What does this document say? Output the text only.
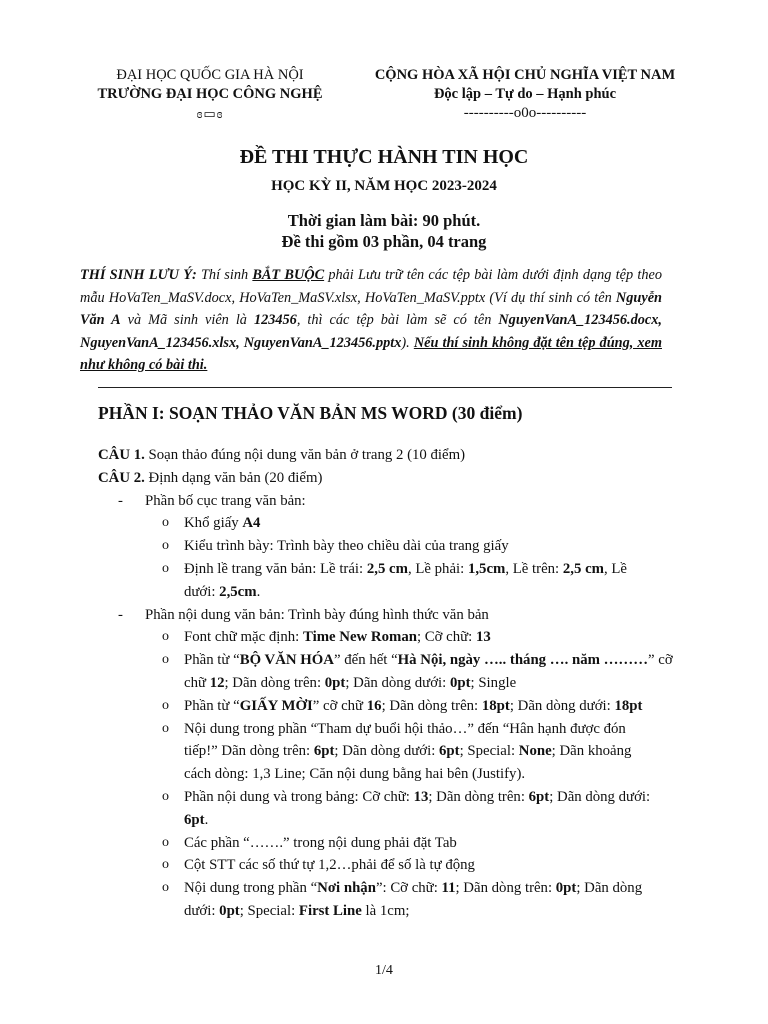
ĐẠI HỌC QUỐC GIA HÀ NỘI
TRƯỜNG ĐẠI HỌC CÔNG NGHỆ
ɞ▭ɞ
CỘNG HÒA XÃ HỘI CHỦ NGHĨA VIỆT NAM
Độc lập – Tự do – Hạnh phúc
----------o0o----------
ĐỀ THI THỰC HÀNH TIN HỌC
HỌC KỲ II, NĂM HỌC 2023-2024
Thời gian làm bài: 90 phút.
Đề thi gồm 03 phần, 04 trang
THÍ SINH LƯU Ý: Thí sinh BẮT BUỘC phải Lưu trữ tên các tệp bài làm dưới định dạng tệp theo mẫu HoVaTen_MaSV.docx, HoVaTen_MaSV.xlsx, HoVaTen_MaSV.pptx (Ví dụ thí sinh có tên Nguyễn Văn A và Mã sinh viên là 123456, thì các tệp bài làm sẽ có tên NguyenVanA_123456.docx, NguyenVanA_123456.xlsx, NguyenVanA_123456.pptx). Nếu thí sinh không đặt tên tệp đúng, xem như không có bài thi.
PHẦN I: SOẠN THẢO VĂN BẢN MS WORD (30 điểm)
CÂU 1. Soạn thảo đúng nội dung văn bản ở trang 2 (10 điểm)
CÂU 2. Định dạng văn bản (20 điểm)
- Phần bố cục trang văn bản:
o Khổ giấy A4
o Kiểu trình bày: Trình bày theo chiều dài của trang giấy
o Định lề trang văn bản: Lề trái: 2,5 cm, Lề phải: 1,5cm, Lề trên: 2,5 cm, Lề
dưới: 2,5cm.
- Phần nội dung văn bản: Trình bày đúng hình thức văn bản
o Font chữ mặc định: Time New Roman; Cỡ chữ: 13
o Phần từ “BỘ VĂN HÓA” đến hết “Hà Nội, ngày ….. tháng …. năm ………” cỡ
chữ 12; Dãn dòng trên: 0pt; Dãn dòng dưới: 0pt; Single
o Phần từ “GIẤY MỜI” cỡ chữ 16; Dãn dòng trên: 18pt; Dãn dòng dưới: 18pt
o Nội dung trong phần “Tham dự buổi hội thảo…” đến “Hân hạnh được đón
tiếp!” Dãn dòng trên: 6pt; Dãn dòng dưới: 6pt; Special: None; Dãn khoảng
cách dòng: 1,3 Line; Căn nội dung bằng hai bên (Justify).
o Phần nội dung và trong bảng: Cỡ chữ: 13; Dãn dòng trên: 6pt; Dãn dòng dưới:
6pt.
o Các phần “…….” trong nội dung phải đặt Tab
o Cột STT các số thứ tự 1,2…phải để số là tự động
o Nội dung trong phần “Nơi nhận”: Cỡ chữ: 11; Dãn dòng trên: 0pt; Dãn dòng
dưới: 0pt; Special: First Line là 1cm;
1/4
